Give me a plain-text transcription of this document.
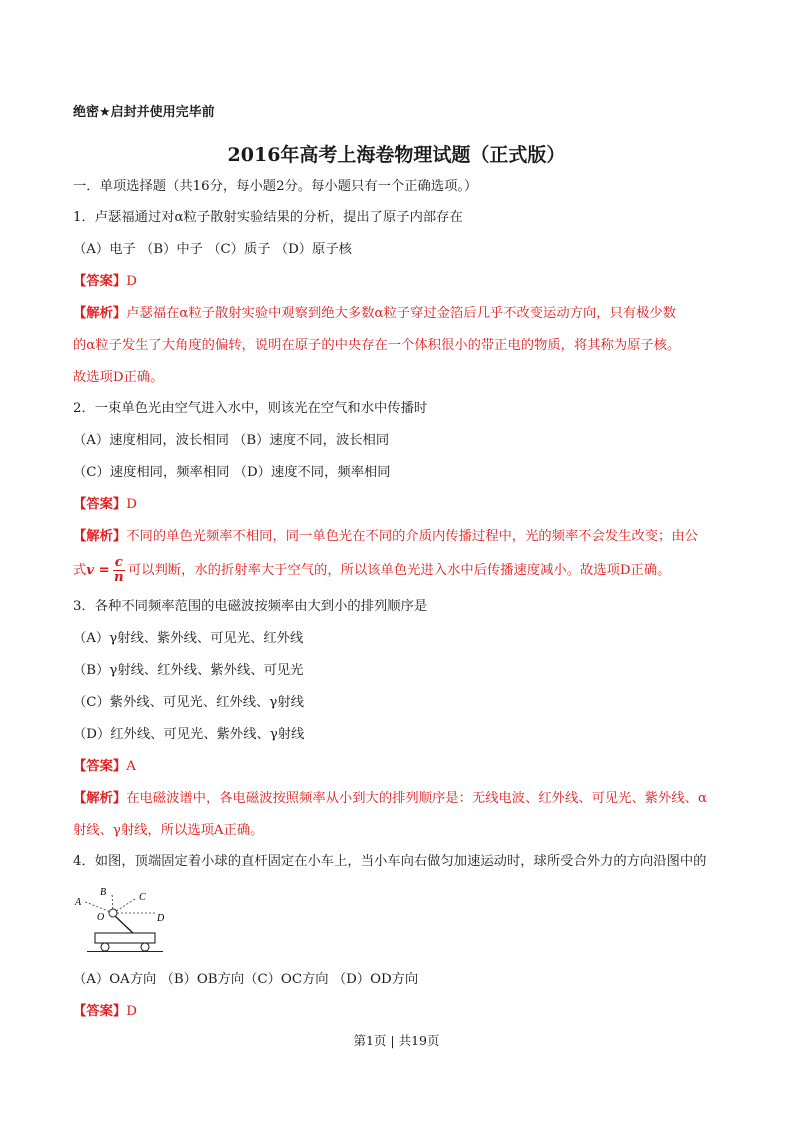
绝密★启封并使用完毕前
2016年高考上海卷物理试题（正式版）
一．单项选择题（共16分，每小题2分。每小题只有一个正确选项。）
1．卢瑟福通过对α粒子散射实验结果的分析，提出了原子内部存在
（A）电子 （B）中子 （C）质子 （D）原子核
【答案】D
【解析】卢瑟福在α粒子散射实验中观察到绝大多数α粒子穿过金箔后几乎不改变运动方向，只有极少数
的α粒子发生了大角度的偏转，说明在原子的中央存在一个体积很小的带正电的物质，将其称为原子核。
故选项D正确。
2．一束单色光由空气进入水中，则该光在空气和水中传播时
（A）速度相同，波长相同 （B）速度不同，波长相同
（C）速度相同，频率相同 （D）速度不同，频率相同
【答案】D
【解析】不同的单色光频率不相同，同一单色光在不同的介质内传播过程中，光的频率不会发生改变；由公
式$v = \frac{c}{n}$ 可以判断，水的折射率大于空气的，所以该单色光进入水中后传播速度减小。故选项D正确。
3．各种不同频率范围的电磁波按频率由大到小的排列顺序是
（A）γ射线、紫外线、可见光、红外线
（B）γ射线、红外线、紫外线、可见光
（C）紫外线、可见光、红外线、γ射线
（D）红外线、可见光、紫外线、γ射线
【答案】A
【解析】在电磁波谱中，各电磁波按照频率从小到大的排列顺序是：无线电波、红外线、可见光、紫外线、α
射线、γ射线，所以选项A正确。
4．如图，顶端固定着小球的直杆固定在小车上，当小车向右做匀加速运动时，球所受合外力的方向沿图中的
A
B	C
D
O
（A）OA方向 （B）OB方向（C）OC方向 （D）OD方向
【答案】D
第1页 | 共19页
